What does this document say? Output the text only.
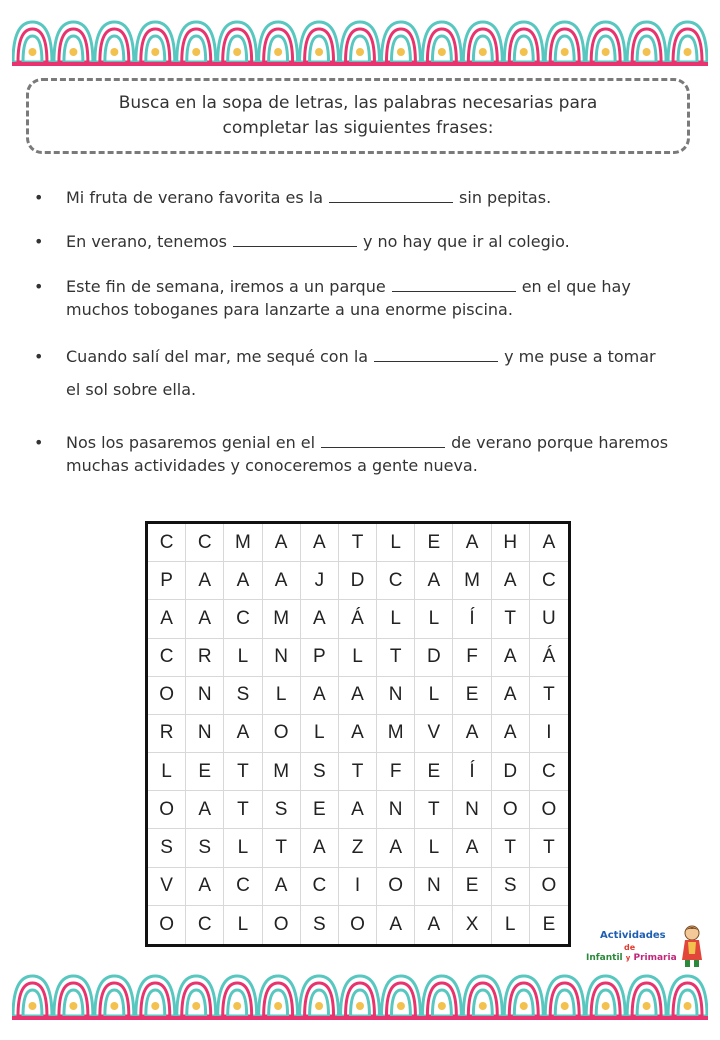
Busca en la sopa de letras, las palabras necesarias para
completar las siguientes frases:
• Mi fruta de verano favorita es la	sin pepitas.
• En verano, tenemos	y no hay que ir al colegio.
• Este fin de semana, iremos a un parque	en el que hay muchos toboganes para lanzarte a una enorme piscina.
• Cuando salí del mar, me sequé con la	y me puse a tomar el sol sobre ella.
• Nos los pasaremos genial en el	de verano porque haremos muchas actividades y conoceremos a gente nueva.
C	C	M	A	A	T	L	E	A	H	A
P	A	A	A	J	D	C	A	M	A	C
A	A	C	M	A	Á	L	L	Í	T	U
C	R	L	N	P	L	T	D	F	A	Á
O	N	S	L	A	A	N	L	E	A	T
R	N	A	O	L	A	M	V	A	A	I
L	E	T	M	S	T	F	E	Í	D	C
O	A	T	S	E	A	N	T	N	O	O
S	S	L	T	A	Z	A	L	A	T	T
V	A	C	A	C	I	O	N	E	S	O
O	C	L	O	S	O	A	A	X	L	E
Actividades
de
Infantil y Primaria
